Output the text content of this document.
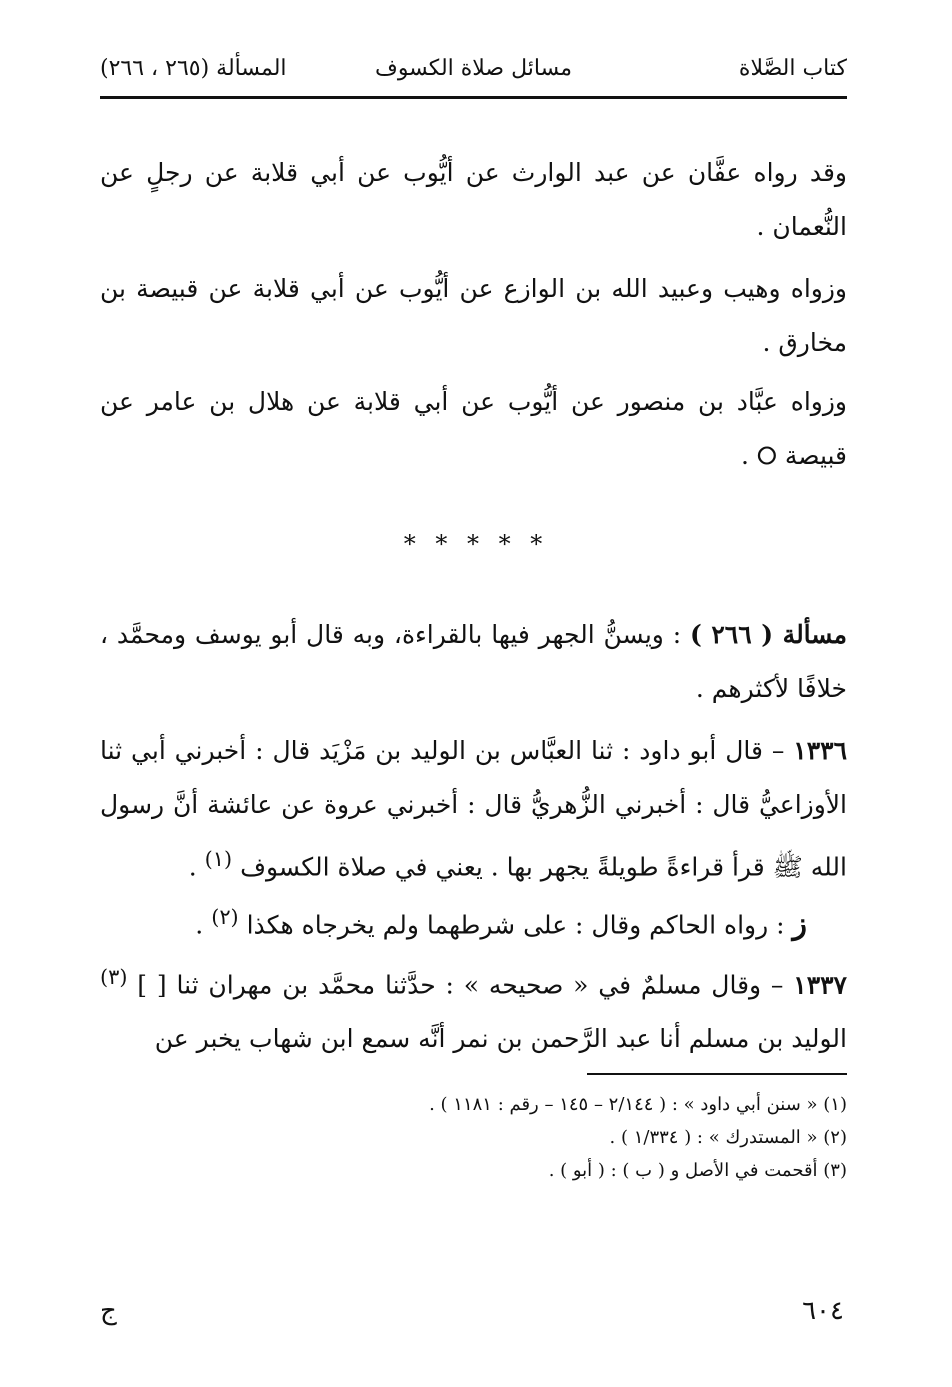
كتاب الصَّلاة
مسائل صلاة الكسوف
المسألة (٢٦٥ ، ٢٦٦)

وقد رواه عفَّان عن عبد الوارث عن أيُّوب عن أبي قلابة عن رجلٍ عن النُّعمان .

وزواه وهيب وعبيد الله بن الوازع عن أيُّوب عن أبي قلابة عن قبيصة بن مخارق .

وزواه عبَّاد بن منصور عن أيُّوب عن أبي قلابة عن هلال بن عامر عن قبيصة ⭘ .

* * * * *

مسألة ( ٢٦٦ ) : ويسنُّ الجهر فيها بالقراءة، وبه قال أبو يوسف ومحمَّد ، خلافًا لأكثرهم .

١٣٣٦ – قال أبو داود : ثنا العبَّاس بن الوليد بن مَزْيَد قال : أخبرني أبي ثنا الأوزاعيُّ قال : أخبرني الزُّهريُّ قال : أخبرني عروة عن عائشة أنَّ رسول الله ﷺ قرأ قراءةً طويلةً يجهر بها . يعني في صلاة الكسوف $^{(١)}$ .

ز : رواه الحاكم وقال : على شرطهما ولم يخرجاه هكذا $^{(٢)}$ .

١٣٣٧ – وقال مسلمٌ في « صحيحه » : حدَّثنا محمَّد بن مهران ثنا [ ] $^{(٣)}$ الوليد بن مسلم أنا عبد الرَّحمن بن نمر أنَّه سمع ابن شهاب يخبر عن

(١) « سنن أبي داود » : ( ٢/١٤٤ – ١٤٥ – رقم : ١١٨١ ) .

(٢) « المستدرك » : ( ١/٣٣٤ ) .

(٣) أقحمت في الأصل و ( ب ) : ( أبو ) .

٦٠٤
ج
